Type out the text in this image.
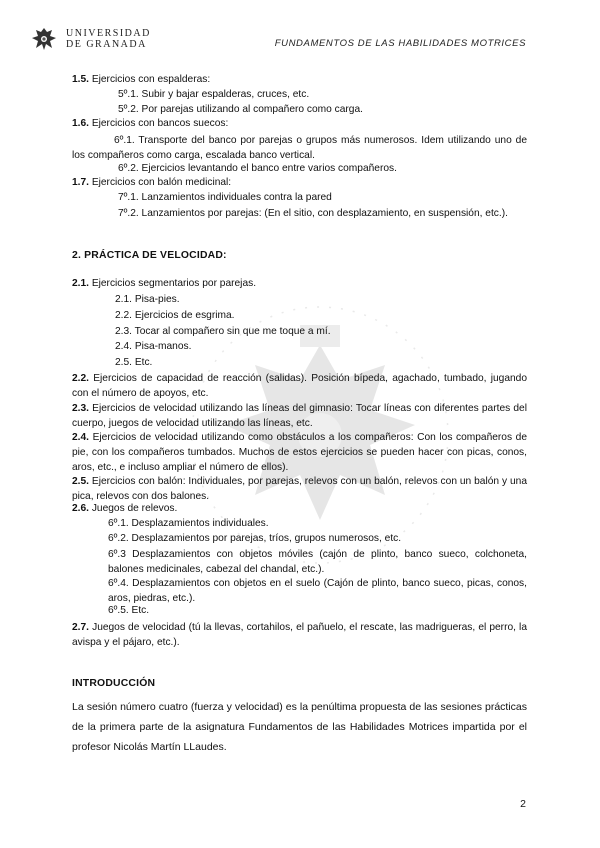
UNIVERSIDAD
DE GRANADA	FUNDAMENTOS DE LAS HABILIDADES MOTRICES
1.5. Ejercicios con espalderas:
5º.1. Subir y bajar espalderas, cruces, etc.
5º.2. Por parejas utilizando al compañero como carga.
1.6. Ejercicios con bancos suecos:
6º.1. Transporte del banco por parejas o grupos más numerosos. Idem utilizando uno de los compañeros como carga, escalada banco vertical.
6º.2. Ejercicios levantando el banco entre varios compañeros.
1.7. Ejercicios con balón medicinal:
7º.1. Lanzamientos individuales contra la pared
7º.2. Lanzamientos por parejas: (En el sitio, con desplazamiento, en suspensión, etc.).
2. PRÁCTICA DE VELOCIDAD:
2.1. Ejercicios segmentarios por parejas.
2.1. Pisa-pies.
2.2. Ejercicios de esgrima.
2.3. Tocar al compañero sin que me toque a mí.
2.4. Pisa-manos.
2.5. Etc.
2.2. Ejercicios de capacidad de reacción (salidas). Posición bípeda, agachado, tumbado, jugando con el número de apoyos, etc.
2.3. Ejercicios de velocidad utilizando las líneas del gimnasio: Tocar líneas con diferentes partes del cuerpo, juegos de velocidad utilizando las líneas, etc.
2.4. Ejercicios de velocidad utilizando como obstáculos a los compañeros: Con los compañeros de pie, con los compañeros tumbados. Muchos de estos ejercicios se pueden hacer con picas, conos, aros, etc., e incluso ampliar el número de ellos).
2.5. Ejercicios con balón: Individuales, por parejas, relevos con un balón, relevos con un balón y una pica, relevos con dos balones.
2.6. Juegos de relevos.
6º.1. Desplazamientos individuales.
6º.2. Desplazamientos por parejas, tríos, grupos numerosos, etc.
6º.3 Desplazamientos con objetos móviles (cajón de plinto, banco sueco, colchoneta, balones medicinales, cabezal del chandal, etc.).
6º.4. Desplazamientos con objetos en el suelo (Cajón de plinto, banco sueco, picas, conos, aros, piedras, etc.).
6º.5. Etc.
2.7. Juegos de velocidad (tú la llevas, cortahilos, el pañuelo, el rescate, las madrigueras, el perro, la avispa y el pájaro, etc.).
INTRODUCCIÓN
La sesión número cuatro (fuerza y velocidad) es la penúltima propuesta de las sesiones prácticas de la primera parte de la asignatura Fundamentos de las Habilidades Motrices impartida por el profesor Nicolás Martín LLaudes.
2
